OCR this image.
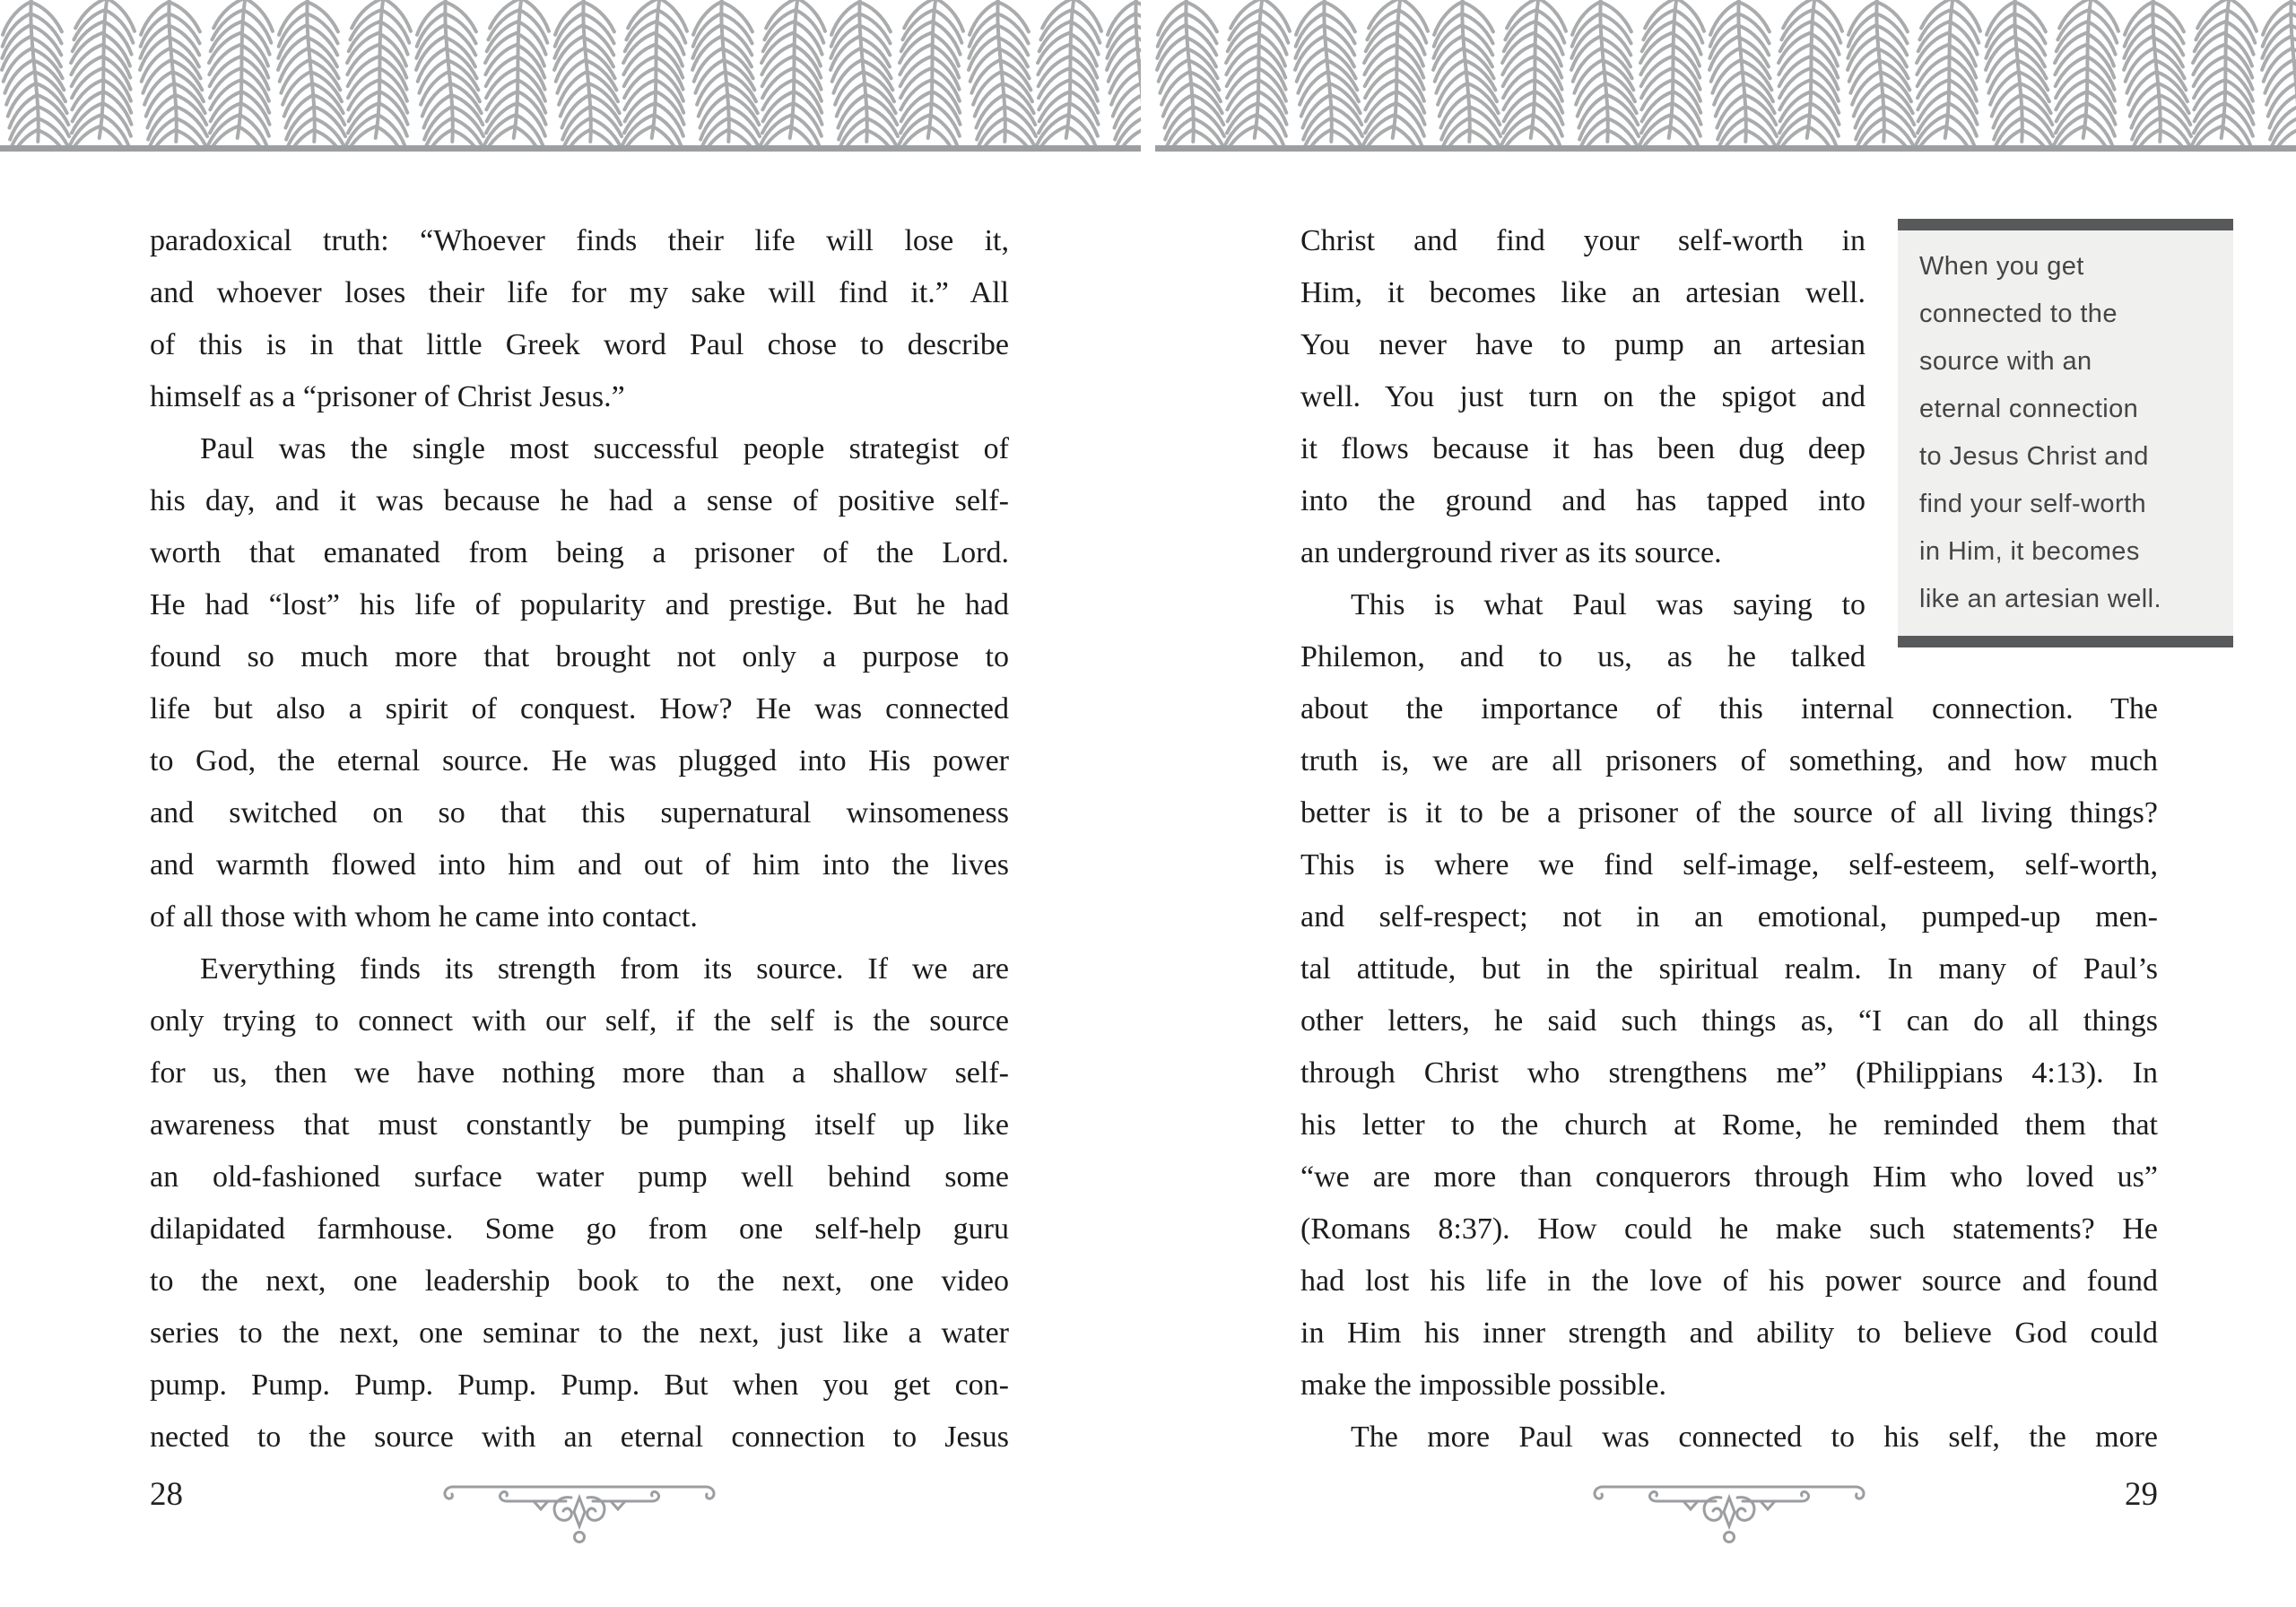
paradoxical truth: “Whoever finds their life will lose it,
and whoever loses their life for my sake will find it.” All
of this is in that little Greek word Paul chose to describe
himself as a “prisoner of Christ Jesus.”
Paul was the single most successful people strategist of
his day, and it was because he had a sense of positive self-
worth that emanated from being a prisoner of the Lord.
He had “lost” his life of popularity and prestige. But he had
found so much more that brought not only a purpose to
life but also a spirit of conquest. How? He was connected
to God, the eternal source. He was plugged into His power
and switched on so that this supernatural winsomeness
and warmth flowed into him and out of him into the lives
of all those with whom he came into contact.
Everything finds its strength from its source. If we are
only trying to connect with our self, if the self is the source
for us, then we have nothing more than a shallow self-
awareness that must constantly be pumping itself up like
an old-fashioned surface water pump well behind some
dilapidated farmhouse. Some go from one self-help guru
to the next, one leadership book to the next, one video
series to the next, one seminar to the next, just like a water
pump. Pump. Pump. Pump. Pump. But when you get con-
nected to the source with an eternal connection to Jesus
When you get
connected to the
source with an
eternal connection
to Jesus Christ and
find your self-worth
in Him, it becomes
like an artesian well.
Christ and find your self-worth in
Him, it becomes like an artesian well.
You never have to pump an artesian
well. You just turn on the spigot and
it flows because it has been dug deep
into the ground and has tapped into
an underground river as its source.
This is what Paul was saying to
Philemon, and to us, as he talked
about the importance of this internal connection. The
truth is, we are all prisoners of something, and how much
better is it to be a prisoner of the source of all living things?
This is where we find self-image, self-esteem, self-worth,
and self-respect; not in an emotional, pumped-up men-
tal attitude, but in the spiritual realm. In many of Paul’s
other letters, he said such things as, “I can do all things
through Christ who strengthens me” (Philippians 4:13). In
his letter to the church at Rome, he reminded them that
“we are more than conquerors through Him who loved us”
(Romans 8:37). How could he make such statements? He
had lost his life in the love of his power source and found
in Him his inner strength and ability to believe God could
make the impossible possible.
The more Paul was connected to his self, the more
28	29
